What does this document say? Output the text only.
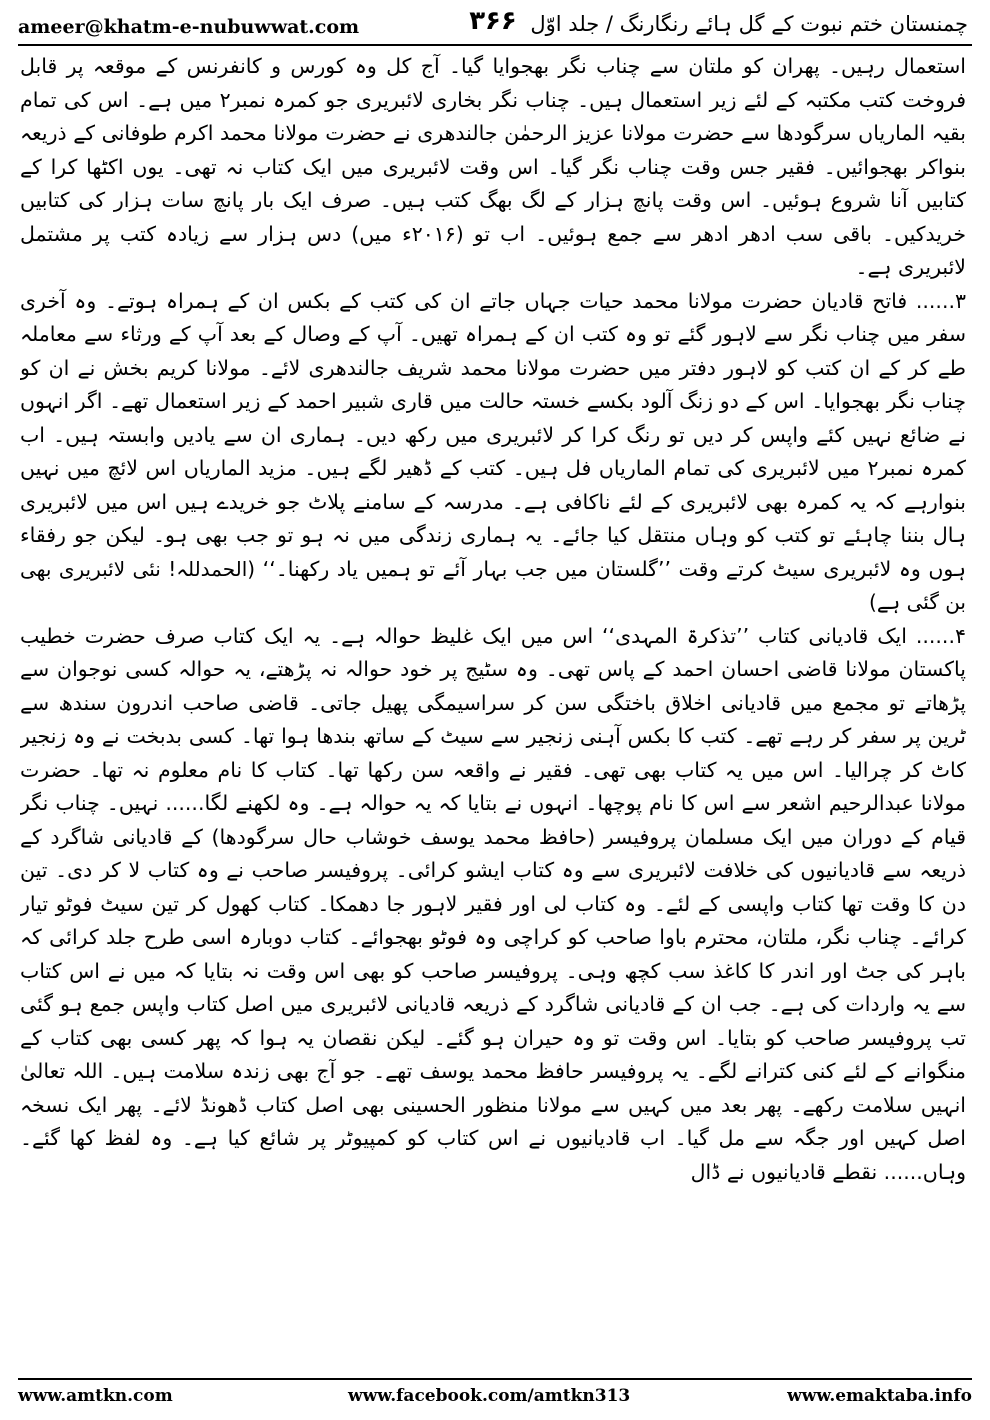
ameer@khatm-e-nubuwwat.com	۳۶۶ چمنستان ختم نبوت کے گل ہائے رنگارنگ / جلد اوّل

استعمال رہیں۔ پھران کو ملتان سے چناب نگر بھجوایا گیا۔ آج کل وہ کورس و کانفرنس کے موقعہ پر قابل فروخت کتب مکتبہ کے لئے زیر استعمال ہیں۔ چناب نگر بخاری لائبریری جو کمرہ نمبر۲ میں ہے۔ اس کی تمام بقیہ الماریاں سرگودھا سے حضرت مولانا عزیز الرحمٰن جالندھری نے حضرت مولانا محمد اکرم طوفانی کے ذریعہ بنواکر بھجوائیں۔ فقیر جس وقت چناب نگر گیا۔ اس وقت لائبریری میں ایک کتاب نہ تھی۔ یوں اکٹھا کرا کے کتابیں آنا شروع ہوئیں۔ اس وقت پانچ ہزار کے لگ بھگ کتب ہیں۔ صرف ایک بار پانچ سات ہزار کی کتابیں خریدکیں۔ باقی سب ادھر ادھر سے جمع ہوئیں۔ اب تو (۲۰۱۶ء میں) دس ہزار سے زیادہ کتب پر مشتمل لائبریری ہے۔

۳...... فاتح قادیان حضرت مولانا محمد حیات جہاں جاتے ان کی کتب کے بکس ان کے ہمراہ ہوتے۔ وہ آخری سفر میں چناب نگر سے لاہور گئے تو وہ کتب ان کے ہمراہ تھیں۔ آپ کے وصال کے بعد آپ کے ورثاء سے معاملہ طے کر کے ان کتب کو لاہور دفتر میں حضرت مولانا محمد شریف جالندھری لائے۔ مولانا کریم بخش نے ان کو چناب نگر بھجوایا۔ اس کے دو زنگ آلود بکسے خستہ حالت میں قاری شبیر احمد کے زیر استعمال تھے۔ اگر انہوں نے ضائع نہیں کئے واپس کر دیں تو رنگ کرا کر لائبریری میں رکھ دیں۔ ہماری ان سے یادیں وابستہ ہیں۔ اب کمرہ نمبر۲ میں لائبریری کی تمام الماریاں فل ہیں۔ کتب کے ڈھیر لگے ہیں۔ مزید الماریاں اس لائچ میں نہیں بنوارہے کہ یہ کمرہ بھی لائبریری کے لئے ناکافی ہے۔ مدرسہ کے سامنے پلاٹ جو خریدے ہیں اس میں لائبریری ہال بننا چاہئے تو کتب کو وہاں منتقل کیا جائے۔ یہ ہماری زندگی میں نہ ہو تو جب بھی ہو۔ لیکن جو رفقاء ہوں وہ لائبریری سیٹ کرتے وقت ’’گلستان میں جب بہار آئے تو ہمیں یاد رکھنا۔‘‘ (الحمدللہ! نئی لائبریری بھی بن گئی ہے)

۴...... ایک قادیانی کتاب ’’تذکرۃ المہدی‘‘ اس میں ایک غلیظ حوالہ ہے۔ یہ ایک کتاب صرف حضرت خطیب پاکستان مولانا قاضی احسان احمد کے پاس تھی۔ وہ سٹیج پر خود حوالہ نہ پڑھتے، یہ حوالہ کسی نوجوان سے پڑھاتے تو مجمع میں قادیانی اخلاق باختگی سن کر سراسیمگی پھیل جاتی۔ قاضی صاحب اندرون سندھ سے ٹرین پر سفر کر رہے تھے۔ کتب کا بکس آہنی زنجیر سے سیٹ کے ساتھ بندھا ہوا تھا۔ کسی بدبخت نے وہ زنجیر کاٹ کر چرالیا۔ اس میں یہ کتاب بھی تھی۔ فقیر نے واقعہ سن رکھا تھا۔ کتاب کا نام معلوم نہ تھا۔ حضرت مولانا عبدالرحیم اشعر سے اس کا نام پوچھا۔ انہوں نے بتایا کہ یہ حوالہ ہے۔ وہ لکھنے لگا...... نہیں۔ چناب نگر قیام کے دوران میں ایک مسلمان پروفیسر (حافظ محمد یوسف خوشاب حال سرگودھا) کے قادیانی شاگرد کے ذریعہ سے قادیانیوں کی خلافت لائبریری سے وہ کتاب ایشو کرائی۔ پروفیسر صاحب نے وہ کتاب لا کر دی۔ تین دن کا وقت تھا کتاب واپسی کے لئے۔ وہ کتاب لی اور فقیر لاہور جا دھمکا۔ کتاب کھول کر تین سیٹ فوٹو تیار کرائے۔ چناب نگر، ملتان، محترم باوا صاحب کو کراچی وہ فوٹو بھجوائے۔ کتاب دوبارہ اسی طرح جلد کرائی کہ باہر کی جٹ اور اندر کا کاغذ سب کچھ وہی۔ پروفیسر صاحب کو بھی اس وقت نہ بتایا کہ میں نے اس کتاب سے یہ واردات کی ہے۔ جب ان کے قادیانی شاگرد کے ذریعہ قادیانی لائبریری میں اصل کتاب واپس جمع ہو گئی تب پروفیسر صاحب کو بتایا۔ اس وقت تو وہ حیران ہو گئے۔ لیکن نقصان یہ ہوا کہ پھر کسی بھی کتاب کے منگوانے کے لئے کنی کترانے لگے۔ یہ پروفیسر حافظ محمد یوسف تھے۔ جو آج بھی زندہ سلامت ہیں۔ اللہ تعالیٰ انہیں سلامت رکھے۔ پھر بعد میں کہیں سے مولانا منظور الحسینی بھی اصل کتاب ڈھونڈ لائے۔ پھر ایک نسخہ اصل کہیں اور جگہ سے مل گیا۔ اب قادیانیوں نے اس کتاب کو کمپیوٹر پر شائع کیا ہے۔ وہ لفظ کھا گئے۔ وہاں...... نقطے قادیانیوں نے ڈال

www.amtkn.com	www.facebook.com/amtkn313	www.emaktaba.info
